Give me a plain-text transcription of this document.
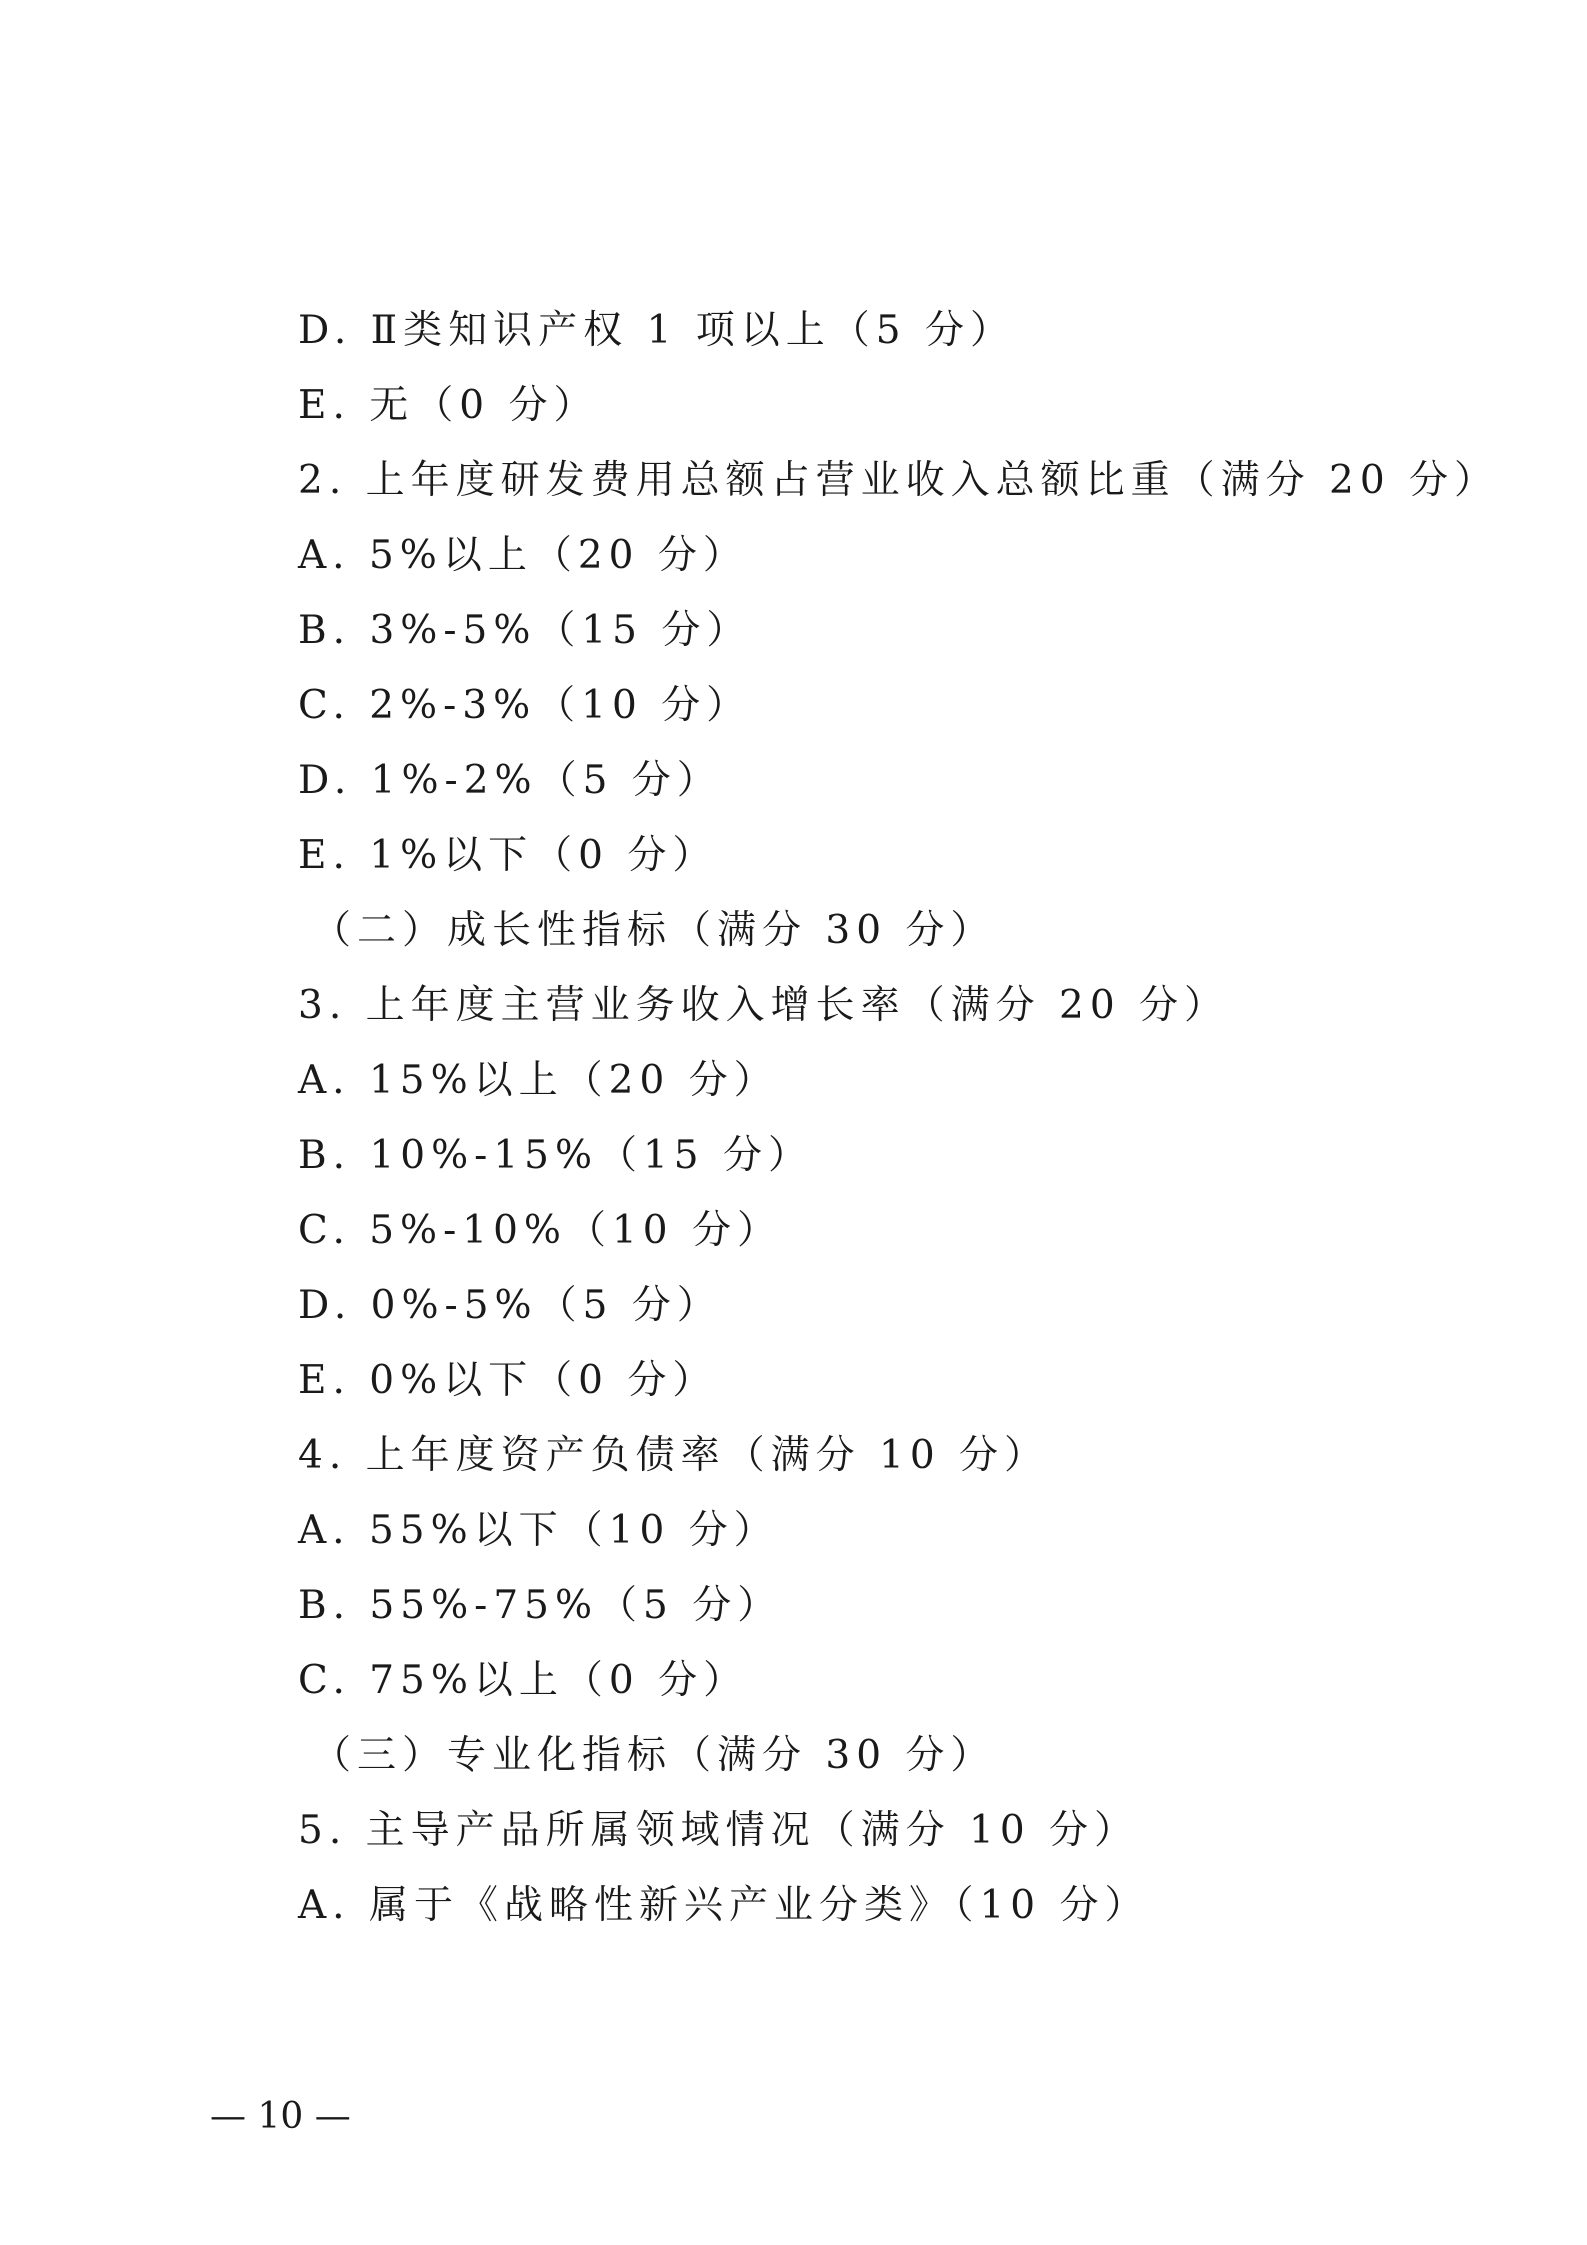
D. Ⅱ类知识产权 1 项以上（5 分）
E. 无（0 分）
2. 上年度研发费用总额占营业收入总额比重（满分 20 分）
A. 5%以上（20 分）
B. 3%-5%（15 分）
C. 2%-3%（10 分）
D. 1%-2%（5 分）
E. 1%以下（0 分）
（二）成长性指标（满分 30 分）
3. 上年度主营业务收入增长率（满分 20 分）
A. 15%以上（20 分）
B. 10%-15%（15 分）
C. 5%-10%（10 分）
D. 0%-5%（5 分）
E. 0%以下（0 分）
4. 上年度资产负债率（满分 10 分）
A. 55%以下（10 分）
B. 55%-75%（5 分）
C. 75%以上（0 分）
（三）专业化指标（满分 30 分）
5. 主导产品所属领域情况（满分 10 分）
A. 属于《战略性新兴产业分类》（10 分）
— 10 —
